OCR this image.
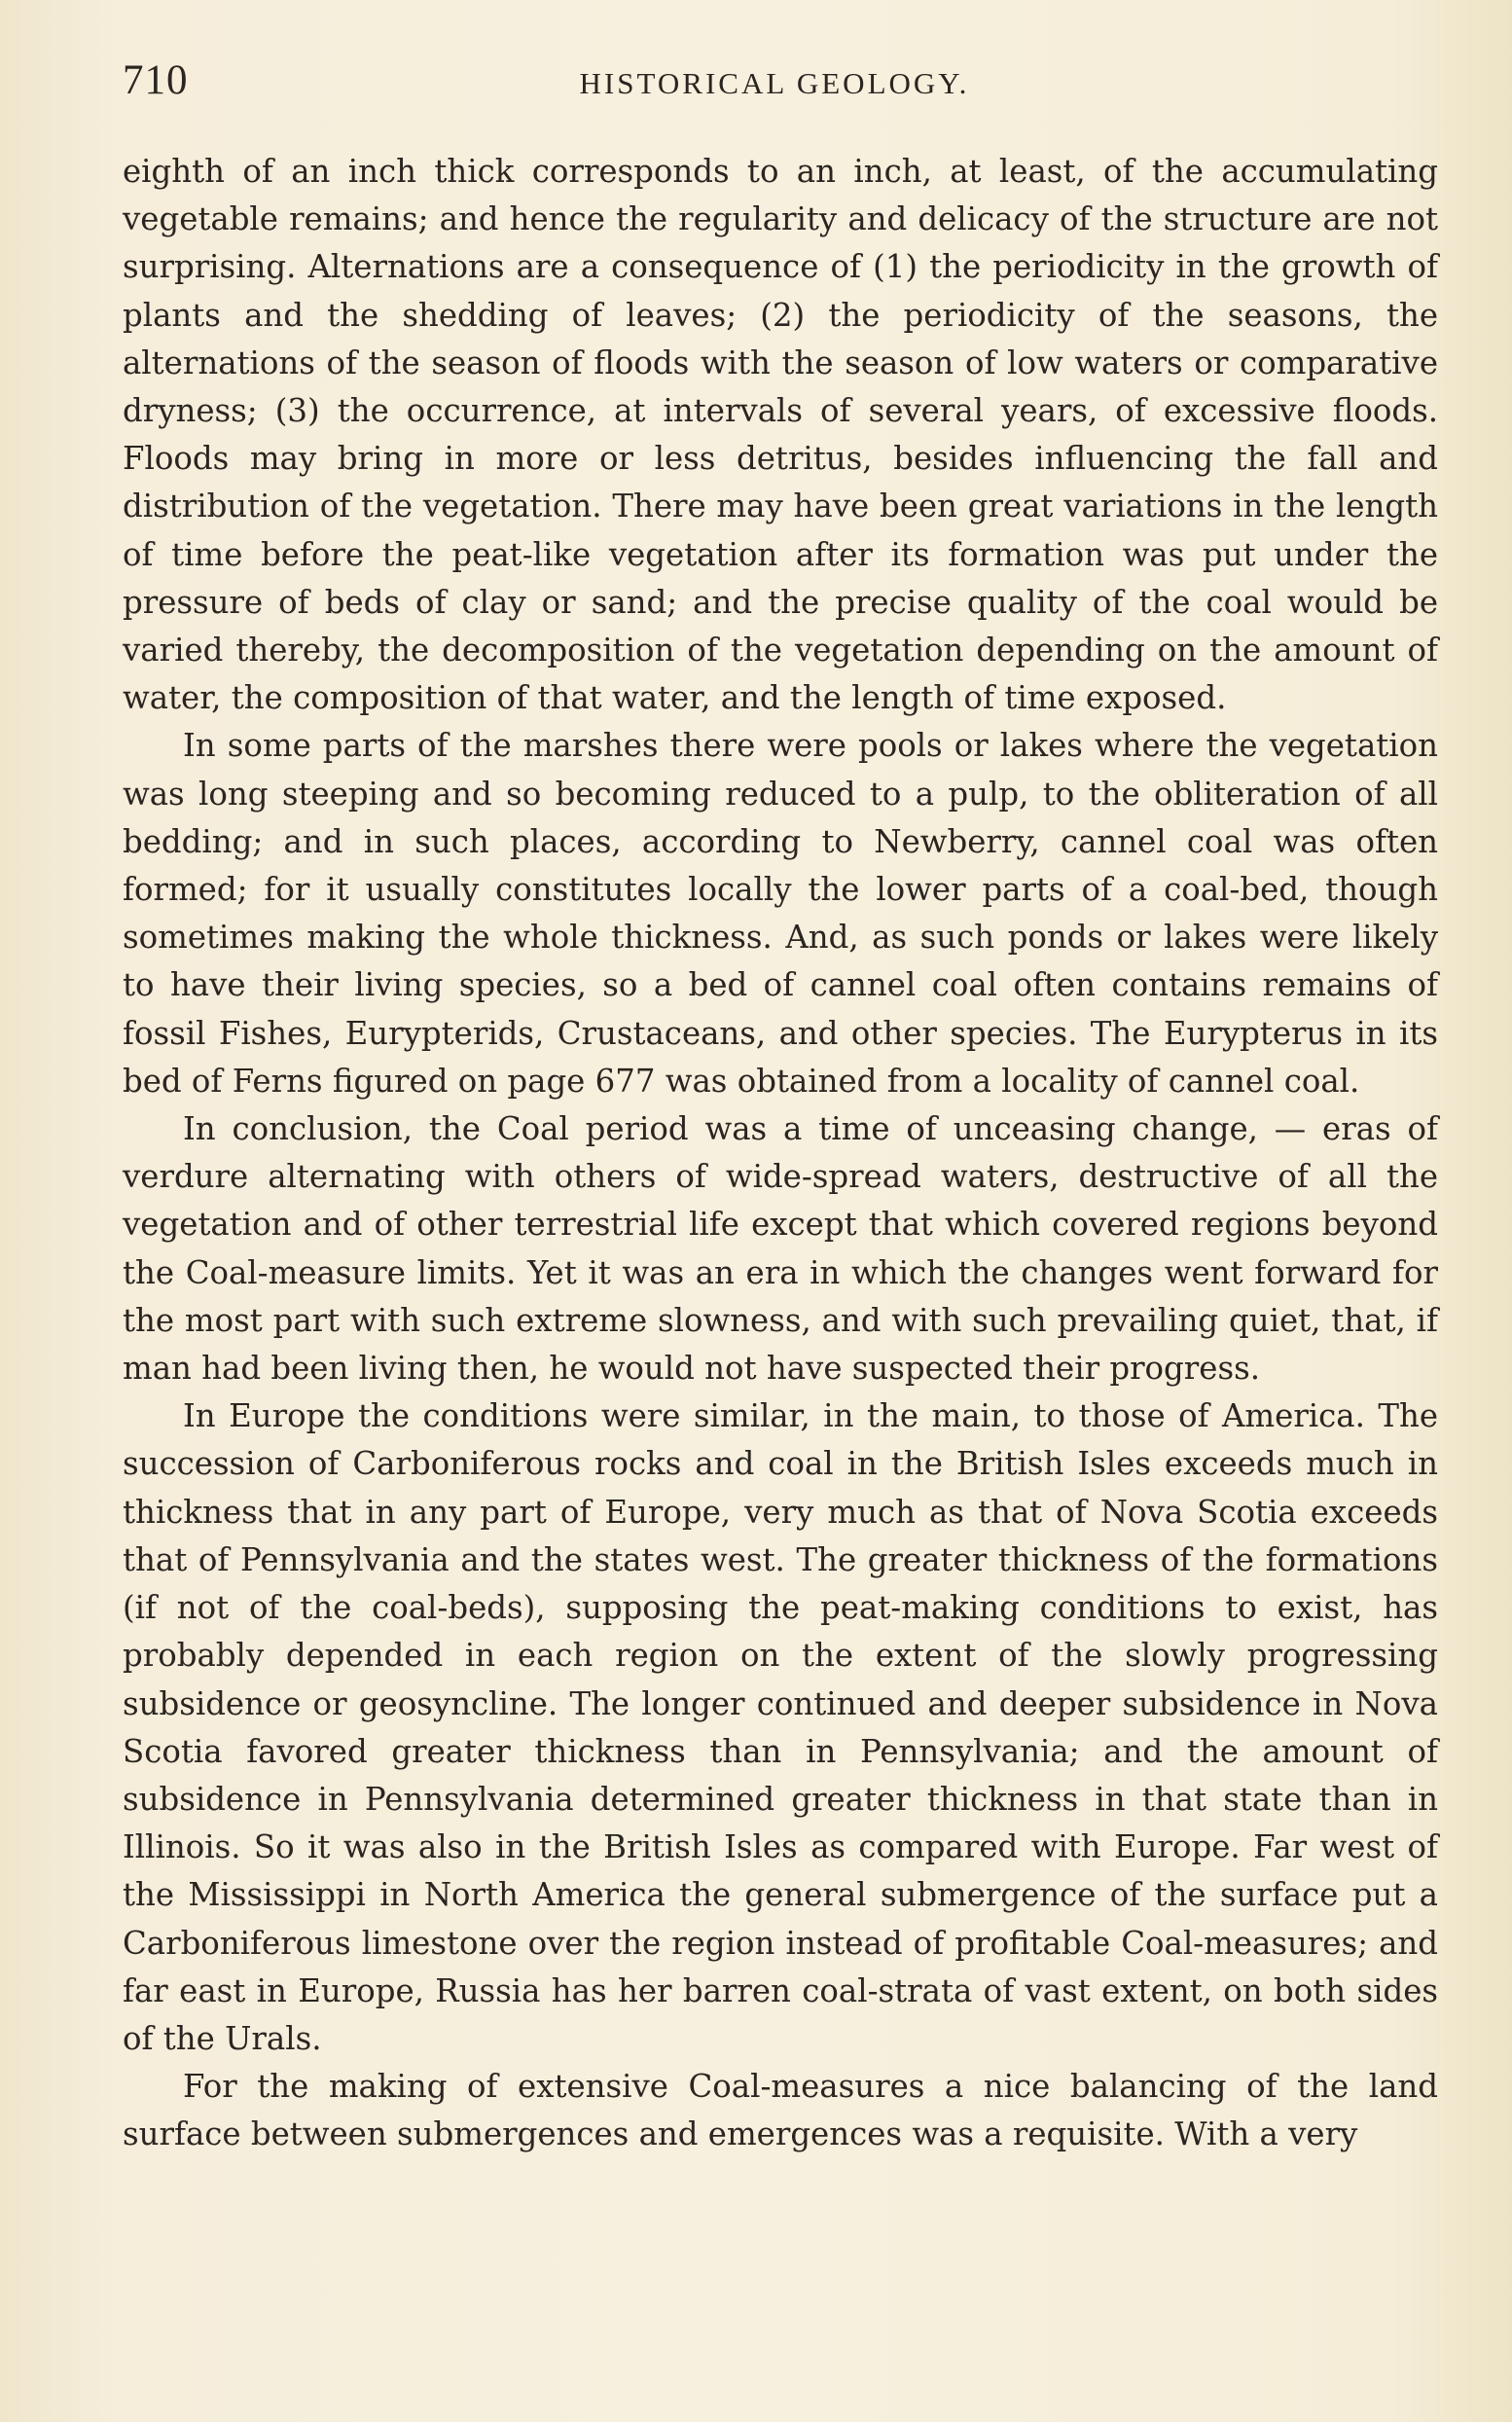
710	HISTORICAL GEOLOGY.

eighth of an inch thick corresponds to an inch, at least, of the accumulating vegetable remains; and hence the regularity and delicacy of the structure are not surprising. Alternations are a consequence of (1) the periodicity in the growth of plants and the shedding of leaves; (2) the periodicity of the seasons, the alternations of the season of floods with the season of low waters or comparative dryness; (3) the occurrence, at intervals of several years, of excessive floods. Floods may bring in more or less detritus, besides influencing the fall and distribution of the vegetation. There may have been great variations in the length of time before the peat-like vegetation after its formation was put under the pressure of beds of clay or sand; and the precise quality of the coal would be varied thereby, the decomposition of the vegetation depending on the amount of water, the composition of that water, and the length of time exposed.

In some parts of the marshes there were pools or lakes where the vegetation was long steeping and so becoming reduced to a pulp, to the obliteration of all bedding; and in such places, according to Newberry, cannel coal was often formed; for it usually constitutes locally the lower parts of a coal-bed, though sometimes making the whole thickness. And, as such ponds or lakes were likely to have their living species, so a bed of cannel coal often contains remains of fossil Fishes, Eurypterids, Crustaceans, and other species. The Eurypterus in its bed of Ferns figured on page 677 was obtained from a locality of cannel coal.

In conclusion, the Coal period was a time of unceasing change, — eras of verdure alternating with others of wide-spread waters, destructive of all the vegetation and of other terrestrial life except that which covered regions beyond the Coal-measure limits. Yet it was an era in which the changes went forward for the most part with such extreme slowness, and with such prevailing quiet, that, if man had been living then, he would not have suspected their progress.

In Europe the conditions were similar, in the main, to those of America. The succession of Carboniferous rocks and coal in the British Isles exceeds much in thickness that in any part of Europe, very much as that of Nova Scotia exceeds that of Pennsylvania and the states west. The greater thickness of the formations (if not of the coal-beds), supposing the peat-making conditions to exist, has probably depended in each region on the extent of the slowly progressing subsidence or geosyncline. The longer continued and deeper subsidence in Nova Scotia favored greater thickness than in Pennsylvania; and the amount of subsidence in Pennsylvania determined greater thickness in that state than in Illinois. So it was also in the British Isles as compared with Europe. Far west of the Mississippi in North America the general submergence of the surface put a Carboniferous limestone over the region instead of profitable Coal-measures; and far east in Europe, Russia has her barren coal-strata of vast extent, on both sides of the Urals.

For the making of extensive Coal-measures a nice balancing of the land surface between submergences and emergences was a requisite. With a very
